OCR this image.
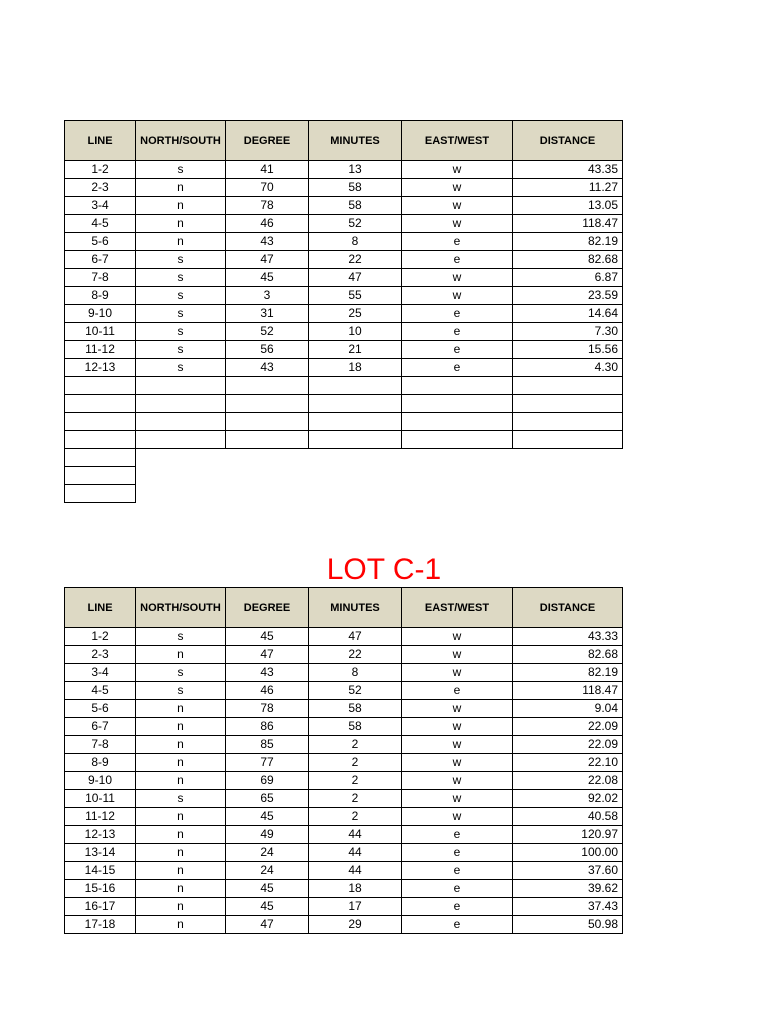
LINE	NORTH/SOUTH	DEGREE	MINUTES	EAST/WEST	DISTANCE
1-2	s	41	13	w	43.35
2-3	n	70	58	w	11.27
3-4	n	78	58	w	13.05
4-5	n	46	52	w	118.47
5-6	n	43	8	e	82.19
6-7	s	47	22	e	82.68
7-8	s	45	47	w	6.87
8-9	s	3	55	w	23.59
9-10	s	31	25	e	14.64
10-11	s	52	10	e	7.30
11-12	s	56	21	e	15.56
12-13	s	43	18	e	4.30

LOT C-1
LINE	NORTH/SOUTH	DEGREE	MINUTES	EAST/WEST	DISTANCE
1-2	s	45	47	w	43.33
2-3	n	47	22	w	82.68
3-4	s	43	8	w	82.19
4-5	s	46	52	e	118.47
5-6	n	78	58	w	9.04
6-7	n	86	58	w	22.09
7-8	n	85	2	w	22.09
8-9	n	77	2	w	22.10
9-10	n	69	2	w	22.08
10-11	s	65	2	w	92.02
11-12	n	45	2	w	40.58
12-13	n	49	44	e	120.97
13-14	n	24	44	e	100.00
14-15	n	24	44	e	37.60
15-16	n	45	18	e	39.62
16-17	n	45	17	e	37.43
17-18	n	47	29	e	50.98
